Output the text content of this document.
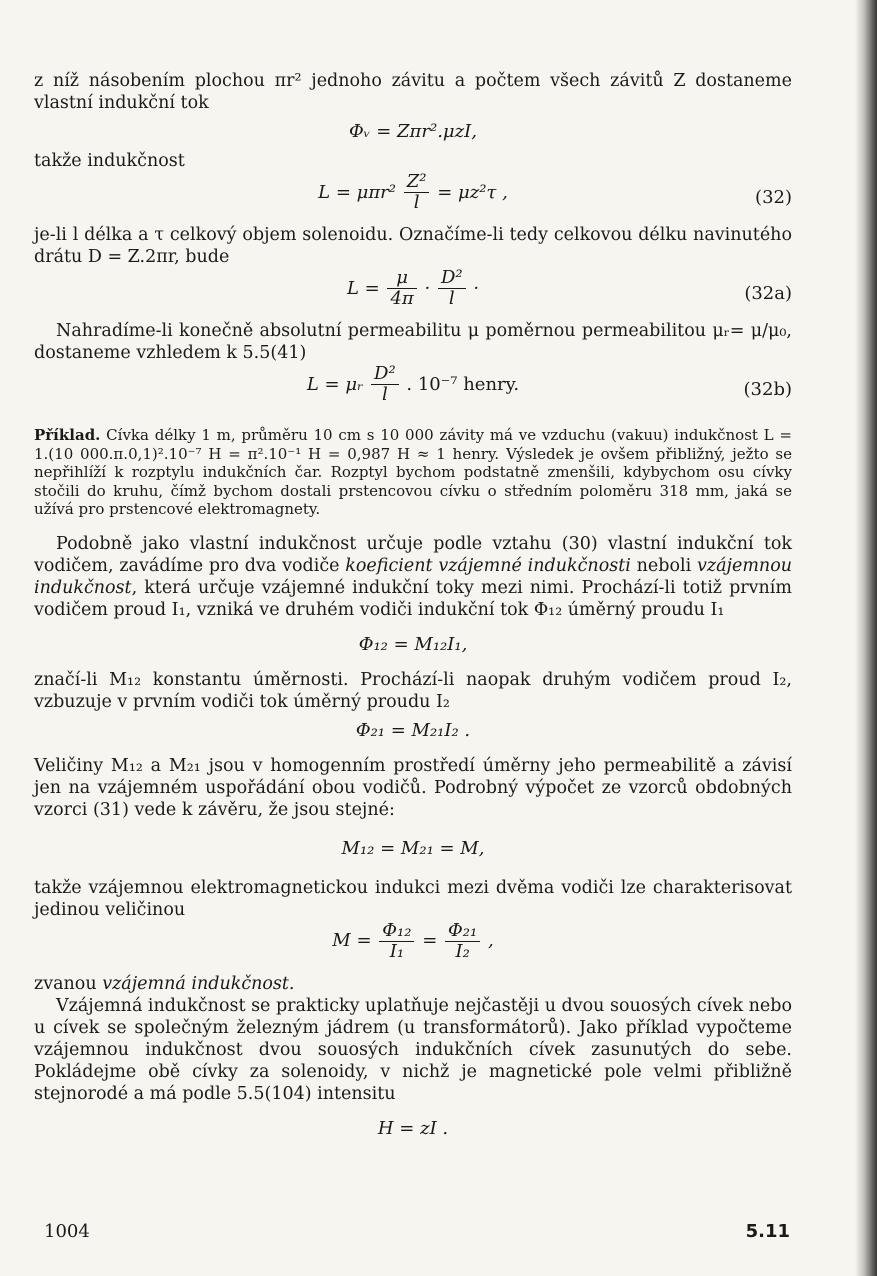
z níž násobením plochou πr² jednoho závitu a počtem všech závitů Z dostaneme vlastní indukční tok

Φᵥ = Zπr².μzI,

takže indukčnost

$L = \mu\pi r^2 \frac{\text{Z²}}{l} = \mu z^2\tau$ ,	(32)

je-li l délka a τ celkový objem solenoidu. Označíme-li tedy celkovou délku navinutého drátu D = Z.2πr, bude

$L = \frac{\mu}{4\pi} \cdot \frac{\text{D²}}{l}$ ·	(32a)

Nahradíme-li konečně absolutní permeabilitu μ poměrnou permeabilitou μᵣ= μ/μ₀, dostaneme vzhledem k 5.5(41)

L = μᵣ $\frac{\text{D²}}{l}$ . 10⁻⁷ henry.	(32b)

Příklad. Cívka délky 1 m, průměru 10 cm s 10 000 závity má ve vzduchu (vakuu) indukčnost L = 1.(10 000.π.0,1)².10⁻⁷ H = π².10⁻¹ H = 0,987 H ≈ 1 henry. Výsledek je ovšem přibližný, ježto se nepřihlíží k rozptylu indukčních čar. Rozptyl bychom podstatně zmenšili, kdybychom osu cívky stočili do kruhu, čímž bychom dostali prstencovou cívku o středním poloměru 318 mm, jaká se užívá pro prstencové elektromagnety.

Podobně jako vlastní indukčnost určuje podle vztahu (30) vlastní indukční tok vodičem, zavádíme pro dva vodiče koeficient vzájemné indukčnosti neboli vzájemnou indukčnost, která určuje vzájemné indukční toky mezi nimi. Prochází-li totiž prvním vodičem proud I₁, vzniká ve druhém vodiči indukční tok Φ₁₂ úměrný proudu I₁

Φ₁₂ = M₁₂I₁,

značí-li M₁₂ konstantu úměrnosti. Prochází-li naopak druhým vodičem proud I₂, vzbuzuje v prvním vodiči tok úměrný proudu I₂

Φ₂₁ = M₂₁I₂ .

Veličiny M₁₂ a M₂₁ jsou v homogenním prostředí úměrny jeho permeabilitě a závisí jen na vzájemném uspořádání obou vodičů. Podrobný výpočet ze vzorců obdobných vzorci (31) vede k závěru, že jsou stejné:

M₁₂ = M₂₁ = M,

takže vzájemnou elektromagnetickou indukci mezi dvěma vodiči lze charakterisovat jedinou veličinou

$M = \frac{\text{Φ₁₂}}{\text{I₁}} = \frac{\text{Φ₂₁}}{\text{I₂}}$ ,

zvanou vzájemná indukčnost.

Vzájemná indukčnost se prakticky uplatňuje nejčastěji u dvou souosých cívek nebo u cívek se společným železným jádrem (u transformátorů). Jako příklad vypočteme vzájemnou indukčnost dvou souosých indukčních cívek zasunutých do sebe. Pokládejme obě cívky za solenoidy, v nichž je magnetické pole velmi přibližně stejnorodé a má podle 5.5(104) intensitu

H = zI .
1004	5.11
